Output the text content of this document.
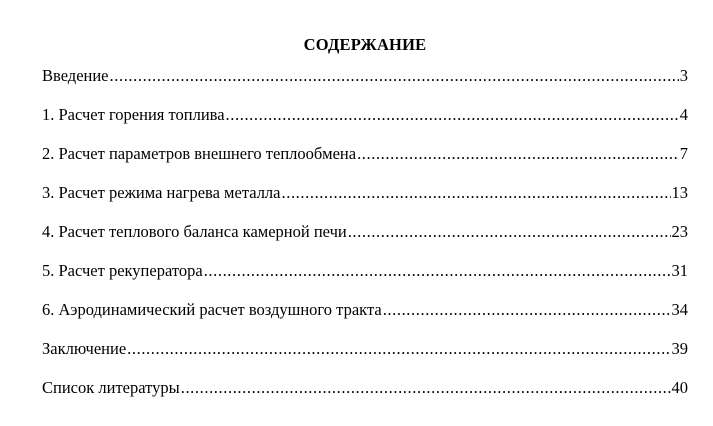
СОДЕРЖАНИЕ
Введение .....	3
1. Расчет горения топлива .....	4
2. Расчет параметров внешнего теплообмена .....	7
3. Расчет режима нагрева металла .....	13
4. Расчет теплового баланса камерной печи .....	23
5. Расчет рекуператора .....	31
6. Аэродинамический расчет воздушного тракта .....	34
Заключение .....	39
Список литературы .....	40
